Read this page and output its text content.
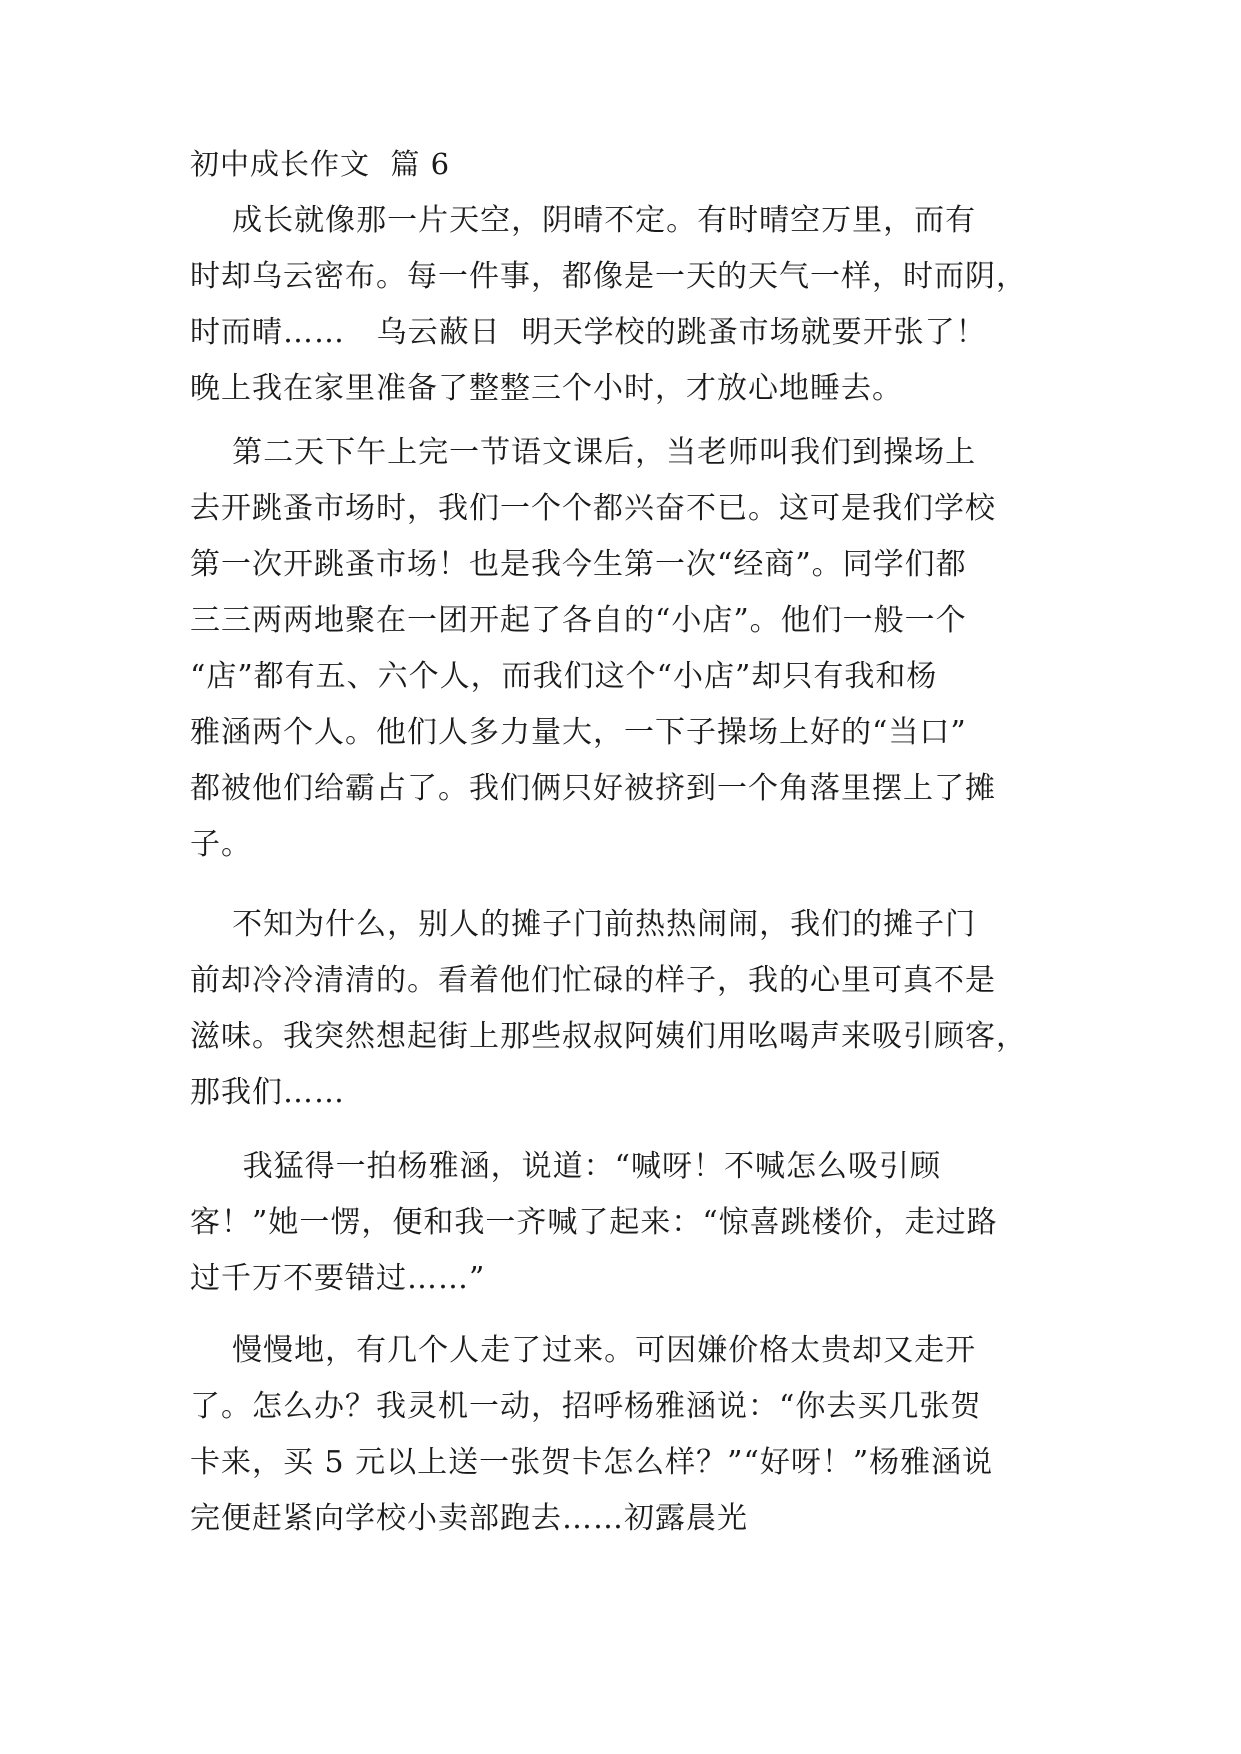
初中成长作文  篇 6
成长就像那一片天空，阴晴不定。有时晴空万里，而有
时却乌云密布。每一件事，都像是一天的天气一样，时而阴，
时而晴……   乌云蔽日  明天学校的跳蚤市场就要开张了！
晚上我在家里准备了整整三个小时，才放心地睡去。
第二天下午上完一节语文课后，当老师叫我们到操场上
去开跳蚤市场时，我们一个个都兴奋不已。这可是我们学校
第一次开跳蚤市场！也是我今生第一次“经商”。同学们都
三三两两地聚在一团开起了各自的“小店”。他们一般一个
“店”都有五、六个人，而我们这个“小店”却只有我和杨
雅涵两个人。他们人多力量大，一下子操场上好的“当口”
都被他们给霸占了。我们俩只好被挤到一个角落里摆上了摊
子。
不知为什么，别人的摊子门前热热闹闹，我们的摊子门
前却冷冷清清的。看着他们忙碌的样子，我的心里可真不是
滋味。我突然想起街上那些叔叔阿姨们用吆喝声来吸引顾客，
那我们……
我猛得一拍杨雅涵，说道：“喊呀！不喊怎么吸引顾
客！”她一愣，便和我一齐喊了起来：“惊喜跳楼价，走过路
过千万不要错过……”
慢慢地，有几个人走了过来。可因嫌价格太贵却又走开
了。怎么办？我灵机一动，招呼杨雅涵说：“你去买几张贺
卡来，买 5 元以上送一张贺卡怎么样？”“好呀！”杨雅涵说
完便赶紧向学校小卖部跑去……初露晨光
